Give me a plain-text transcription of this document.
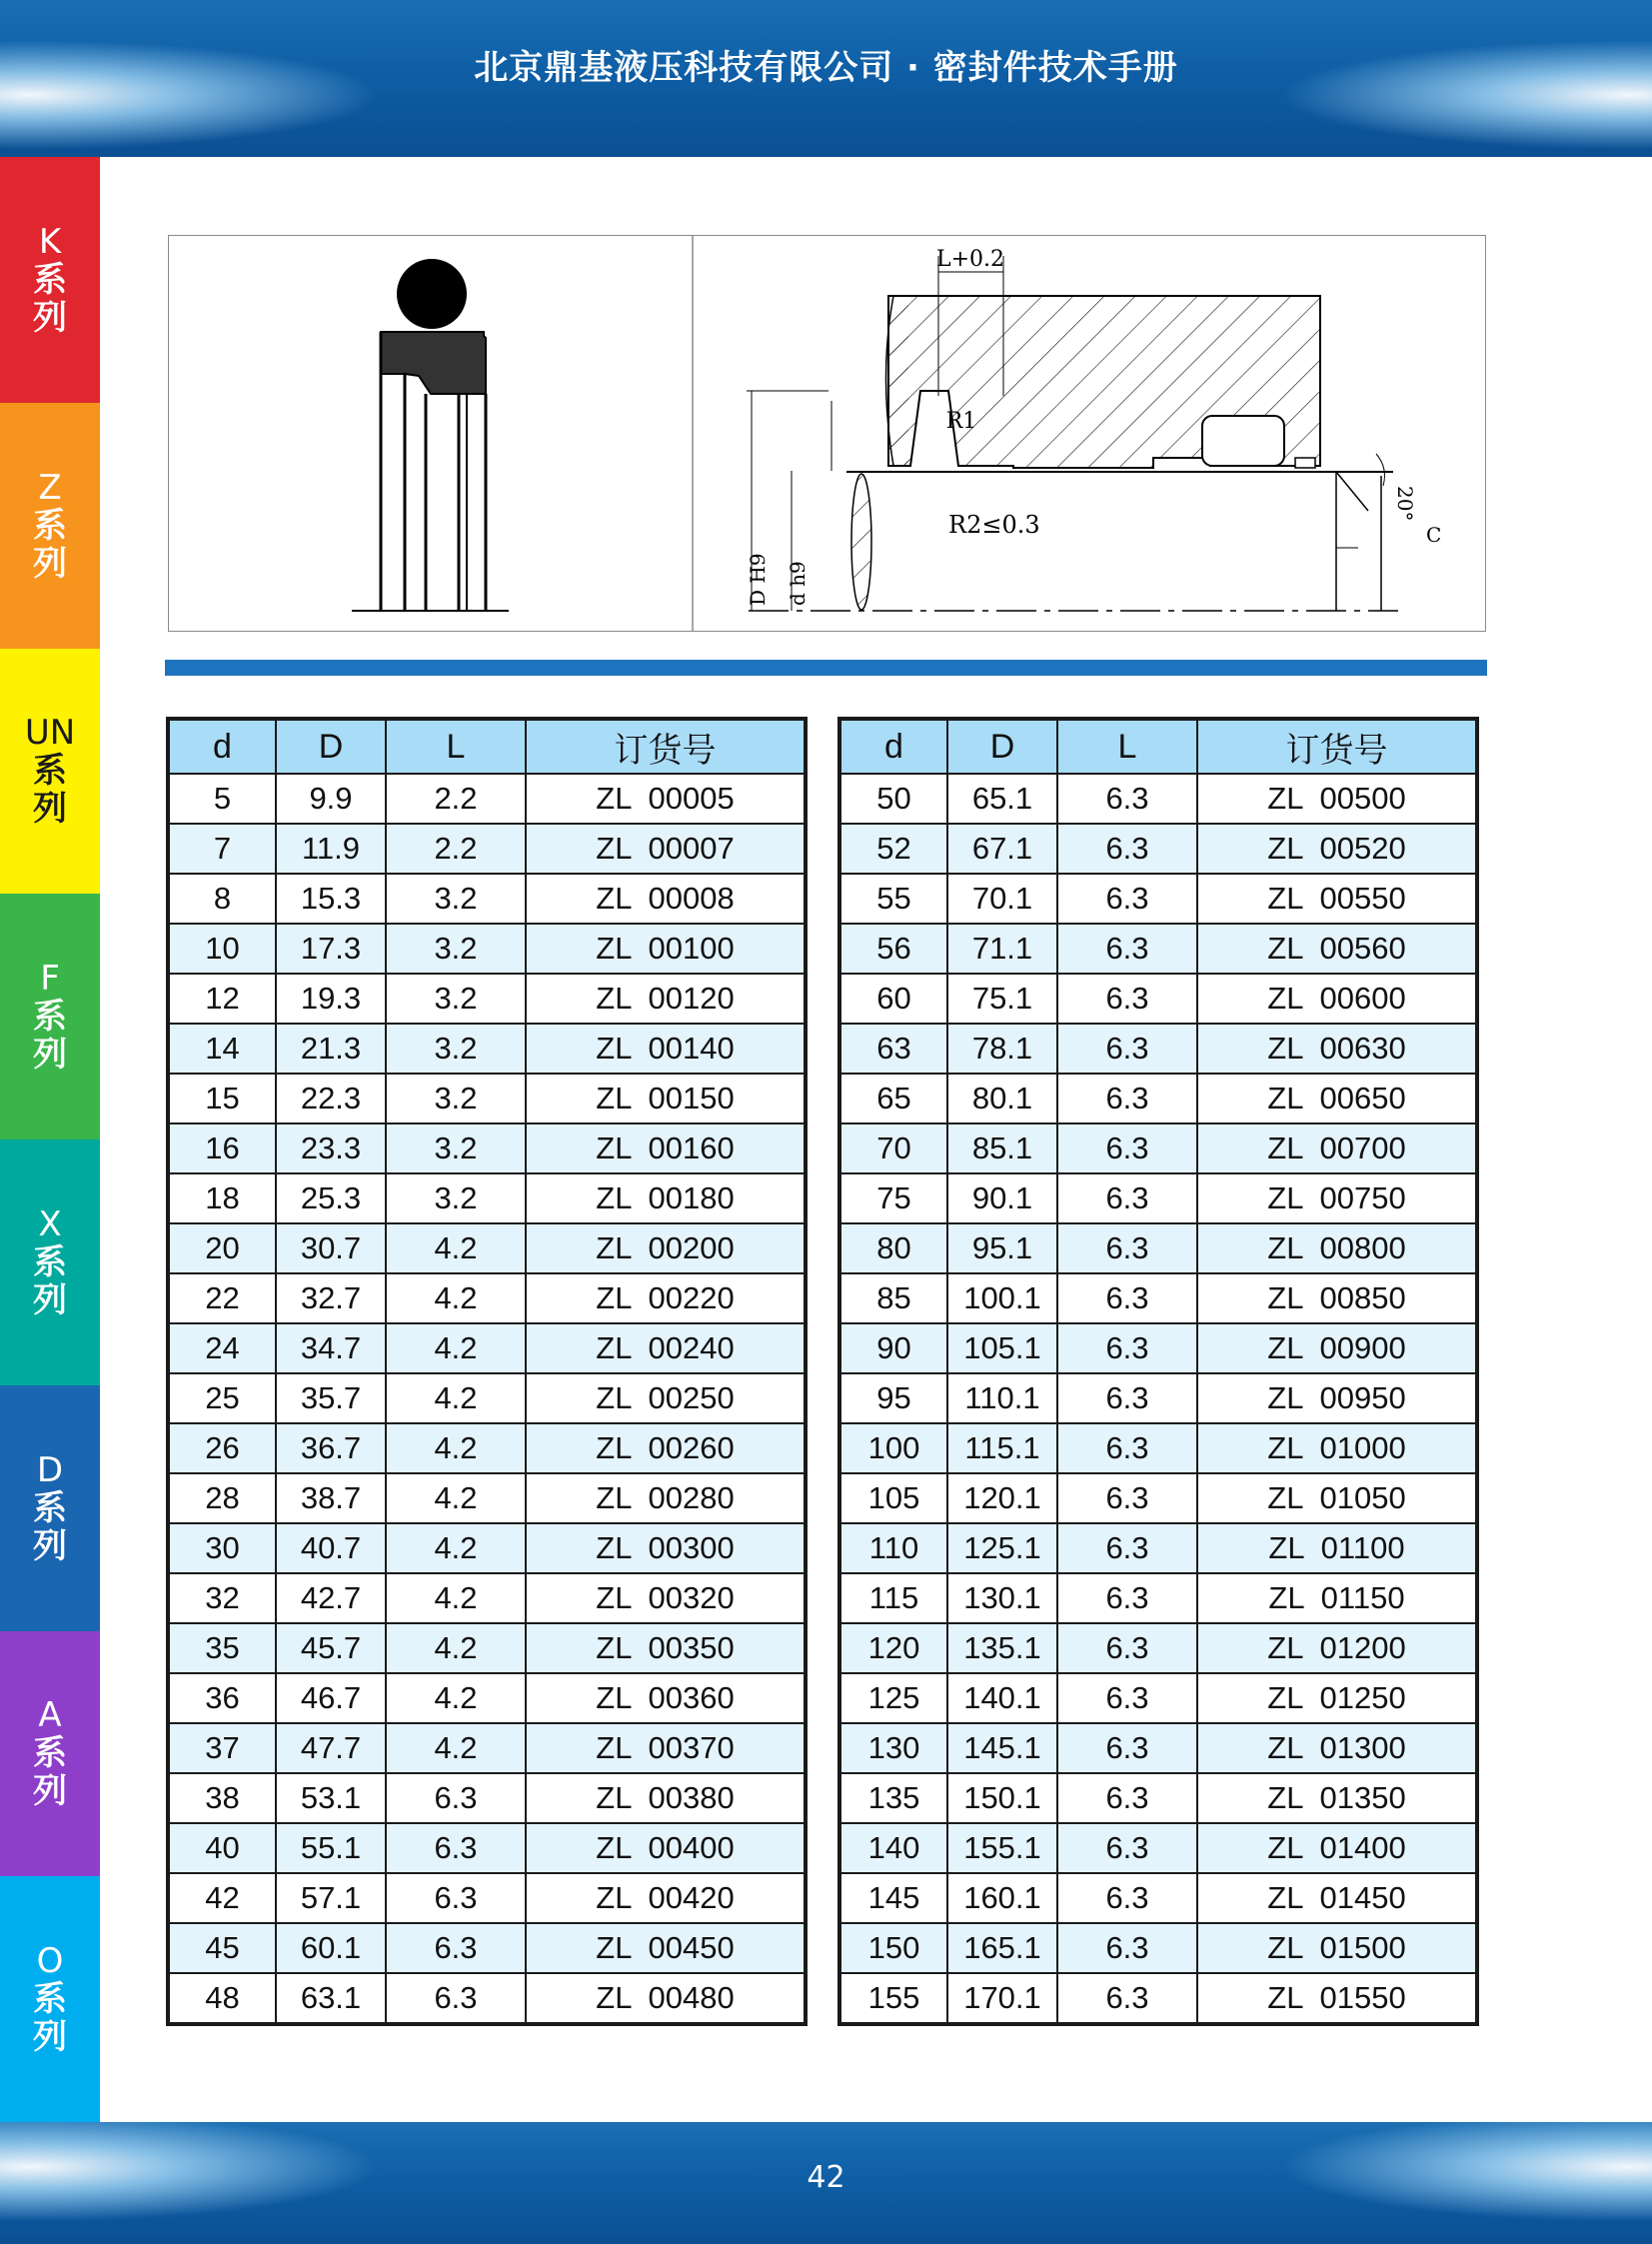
北京鼎基液压科技有限公司 · 密封件技术手册
K
系列
Z
系列
UN
系列
F
系列
X
系列
D
系列
A
系列
O
系列
L+0.2
R1
R2≤0.3
20°
C
D H9 d h9
d	D	L	订货号
5	9.9	2.2	ZL  00005
7	11.9	2.2	ZL  00007
8	15.3	3.2	ZL  00008
10	17.3	3.2	ZL  00100
12	19.3	3.2	ZL  00120
14	21.3	3.2	ZL  00140
15	22.3	3.2	ZL  00150
16	23.3	3.2	ZL  00160
18	25.3	3.2	ZL  00180
20	30.7	4.2	ZL  00200
22	32.7	4.2	ZL  00220
24	34.7	4.2	ZL  00240
25	35.7	4.2	ZL  00250
26	36.7	4.2	ZL  00260
28	38.7	4.2	ZL  00280
30	40.7	4.2	ZL  00300
32	42.7	4.2	ZL  00320
35	45.7	4.2	ZL  00350
36	46.7	4.2	ZL  00360
37	47.7	4.2	ZL  00370
38	53.1	6.3	ZL  00380
40	55.1	6.3	ZL  00400
42	57.1	6.3	ZL  00420
45	60.1	6.3	ZL  00450
48	63.1	6.3	ZL  00480
d	D	L	订货号
50	65.1	6.3	ZL  00500
52	67.1	6.3	ZL  00520
55	70.1	6.3	ZL  00550
56	71.1	6.3	ZL  00560
60	75.1	6.3	ZL  00600
63	78.1	6.3	ZL  00630
65	80.1	6.3	ZL  00650
70	85.1	6.3	ZL  00700
75	90.1	6.3	ZL  00750
80	95.1	6.3	ZL  00800
85	100.1	6.3	ZL  00850
90	105.1	6.3	ZL  00900
95	110.1	6.3	ZL  00950
100	115.1	6.3	ZL  01000
105	120.1	6.3	ZL  01050
110	125.1	6.3	ZL  01100
115	130.1	6.3	ZL  01150
120	135.1	6.3	ZL  01200
125	140.1	6.3	ZL  01250
130	145.1	6.3	ZL  01300
135	150.1	6.3	ZL  01350
140	155.1	6.3	ZL  01400
145	160.1	6.3	ZL  01450
150	165.1	6.3	ZL  01500
155	170.1	6.3	ZL  01550
42
